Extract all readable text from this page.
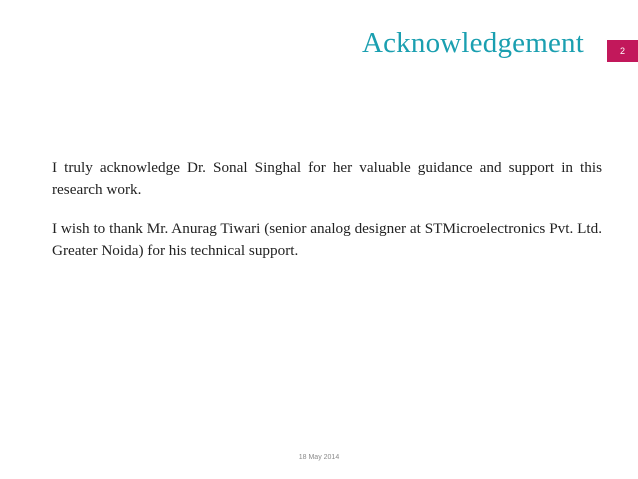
Acknowledgement	2

I truly acknowledge Dr. Sonal Singhal for her valuable guidance and support in this research work.

I wish to thank Mr. Anurag Tiwari (senior analog designer at STMicroelectronics Pvt. Ltd. Greater Noida) for his technical support.

18 May 2014
